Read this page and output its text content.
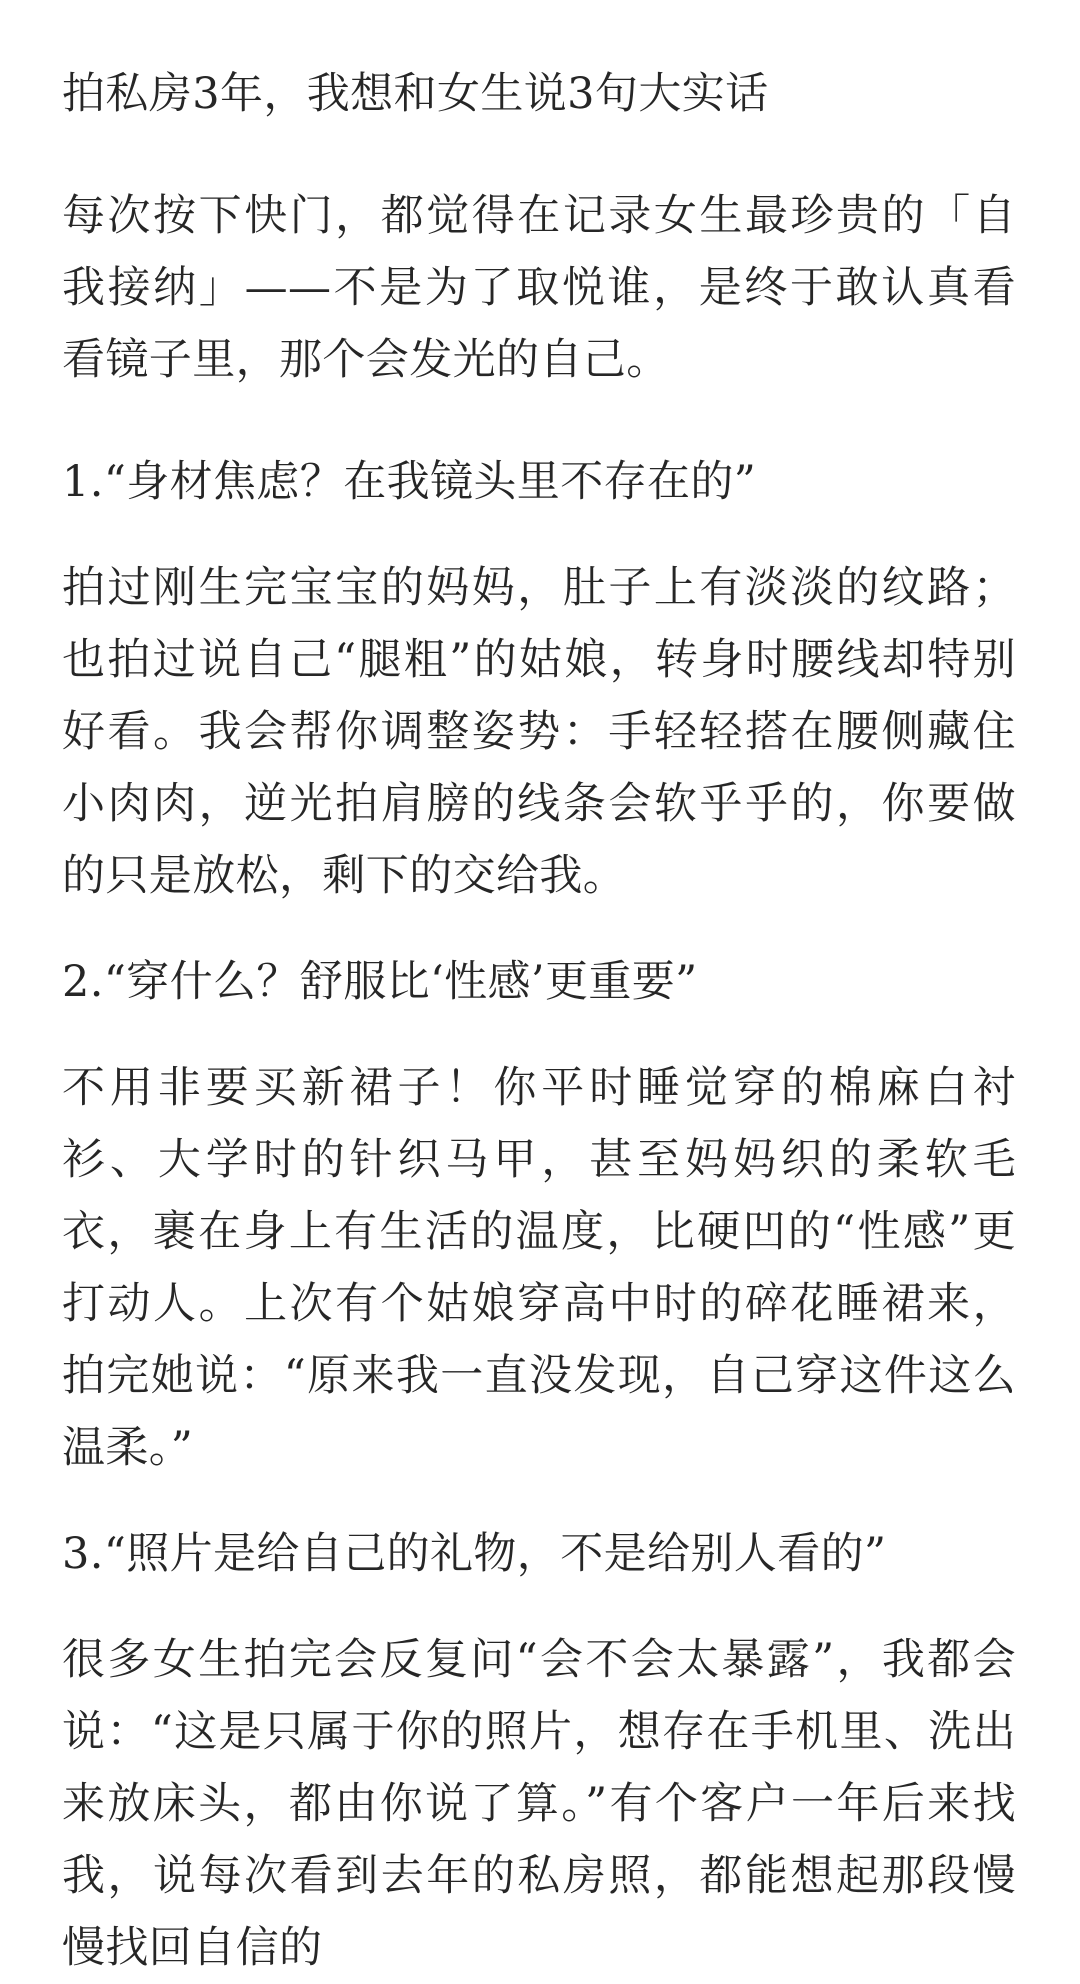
拍私房3年，我想和女生说3句大实话

每次按下快门，都觉得在记录女生最珍贵的「自我接纳」——不是为了取悦谁，是终于敢认真看看镜子里，那个会发光的自己。

1.“身材焦虑？在我镜头里不存在的”

拍过刚生完宝宝的妈妈，肚子上有淡淡的纹路；也拍过说自己“腿粗”的姑娘，转身时腰线却特别好看。我会帮你调整姿势：手轻轻搭在腰侧藏住小肉肉，逆光拍肩膀的线条会软乎乎的，你要做的只是放松，剩下的交给我。

2.“穿什么？舒服比‘性感’更重要”

不用非要买新裙子！你平时睡觉穿的棉麻白衬衫、大学时的针织马甲，甚至妈妈织的柔软毛衣，裹在身上有生活的温度，比硬凹的“性感”更打动人。上次有个姑娘穿高中时的碎花睡裙来，拍完她说：“原来我一直没发现，自己穿这件这么温柔。”

3.“照片是给自己的礼物，不是给别人看的”

很多女生拍完会反复问“会不会太暴露”，我都会说：“这是只属于你的照片，想存在手机里、洗出来放床头，都由你说了算。”有个客户一年后来找我，说每次看到去年的私房照，都能想起那段慢慢找回自信的
